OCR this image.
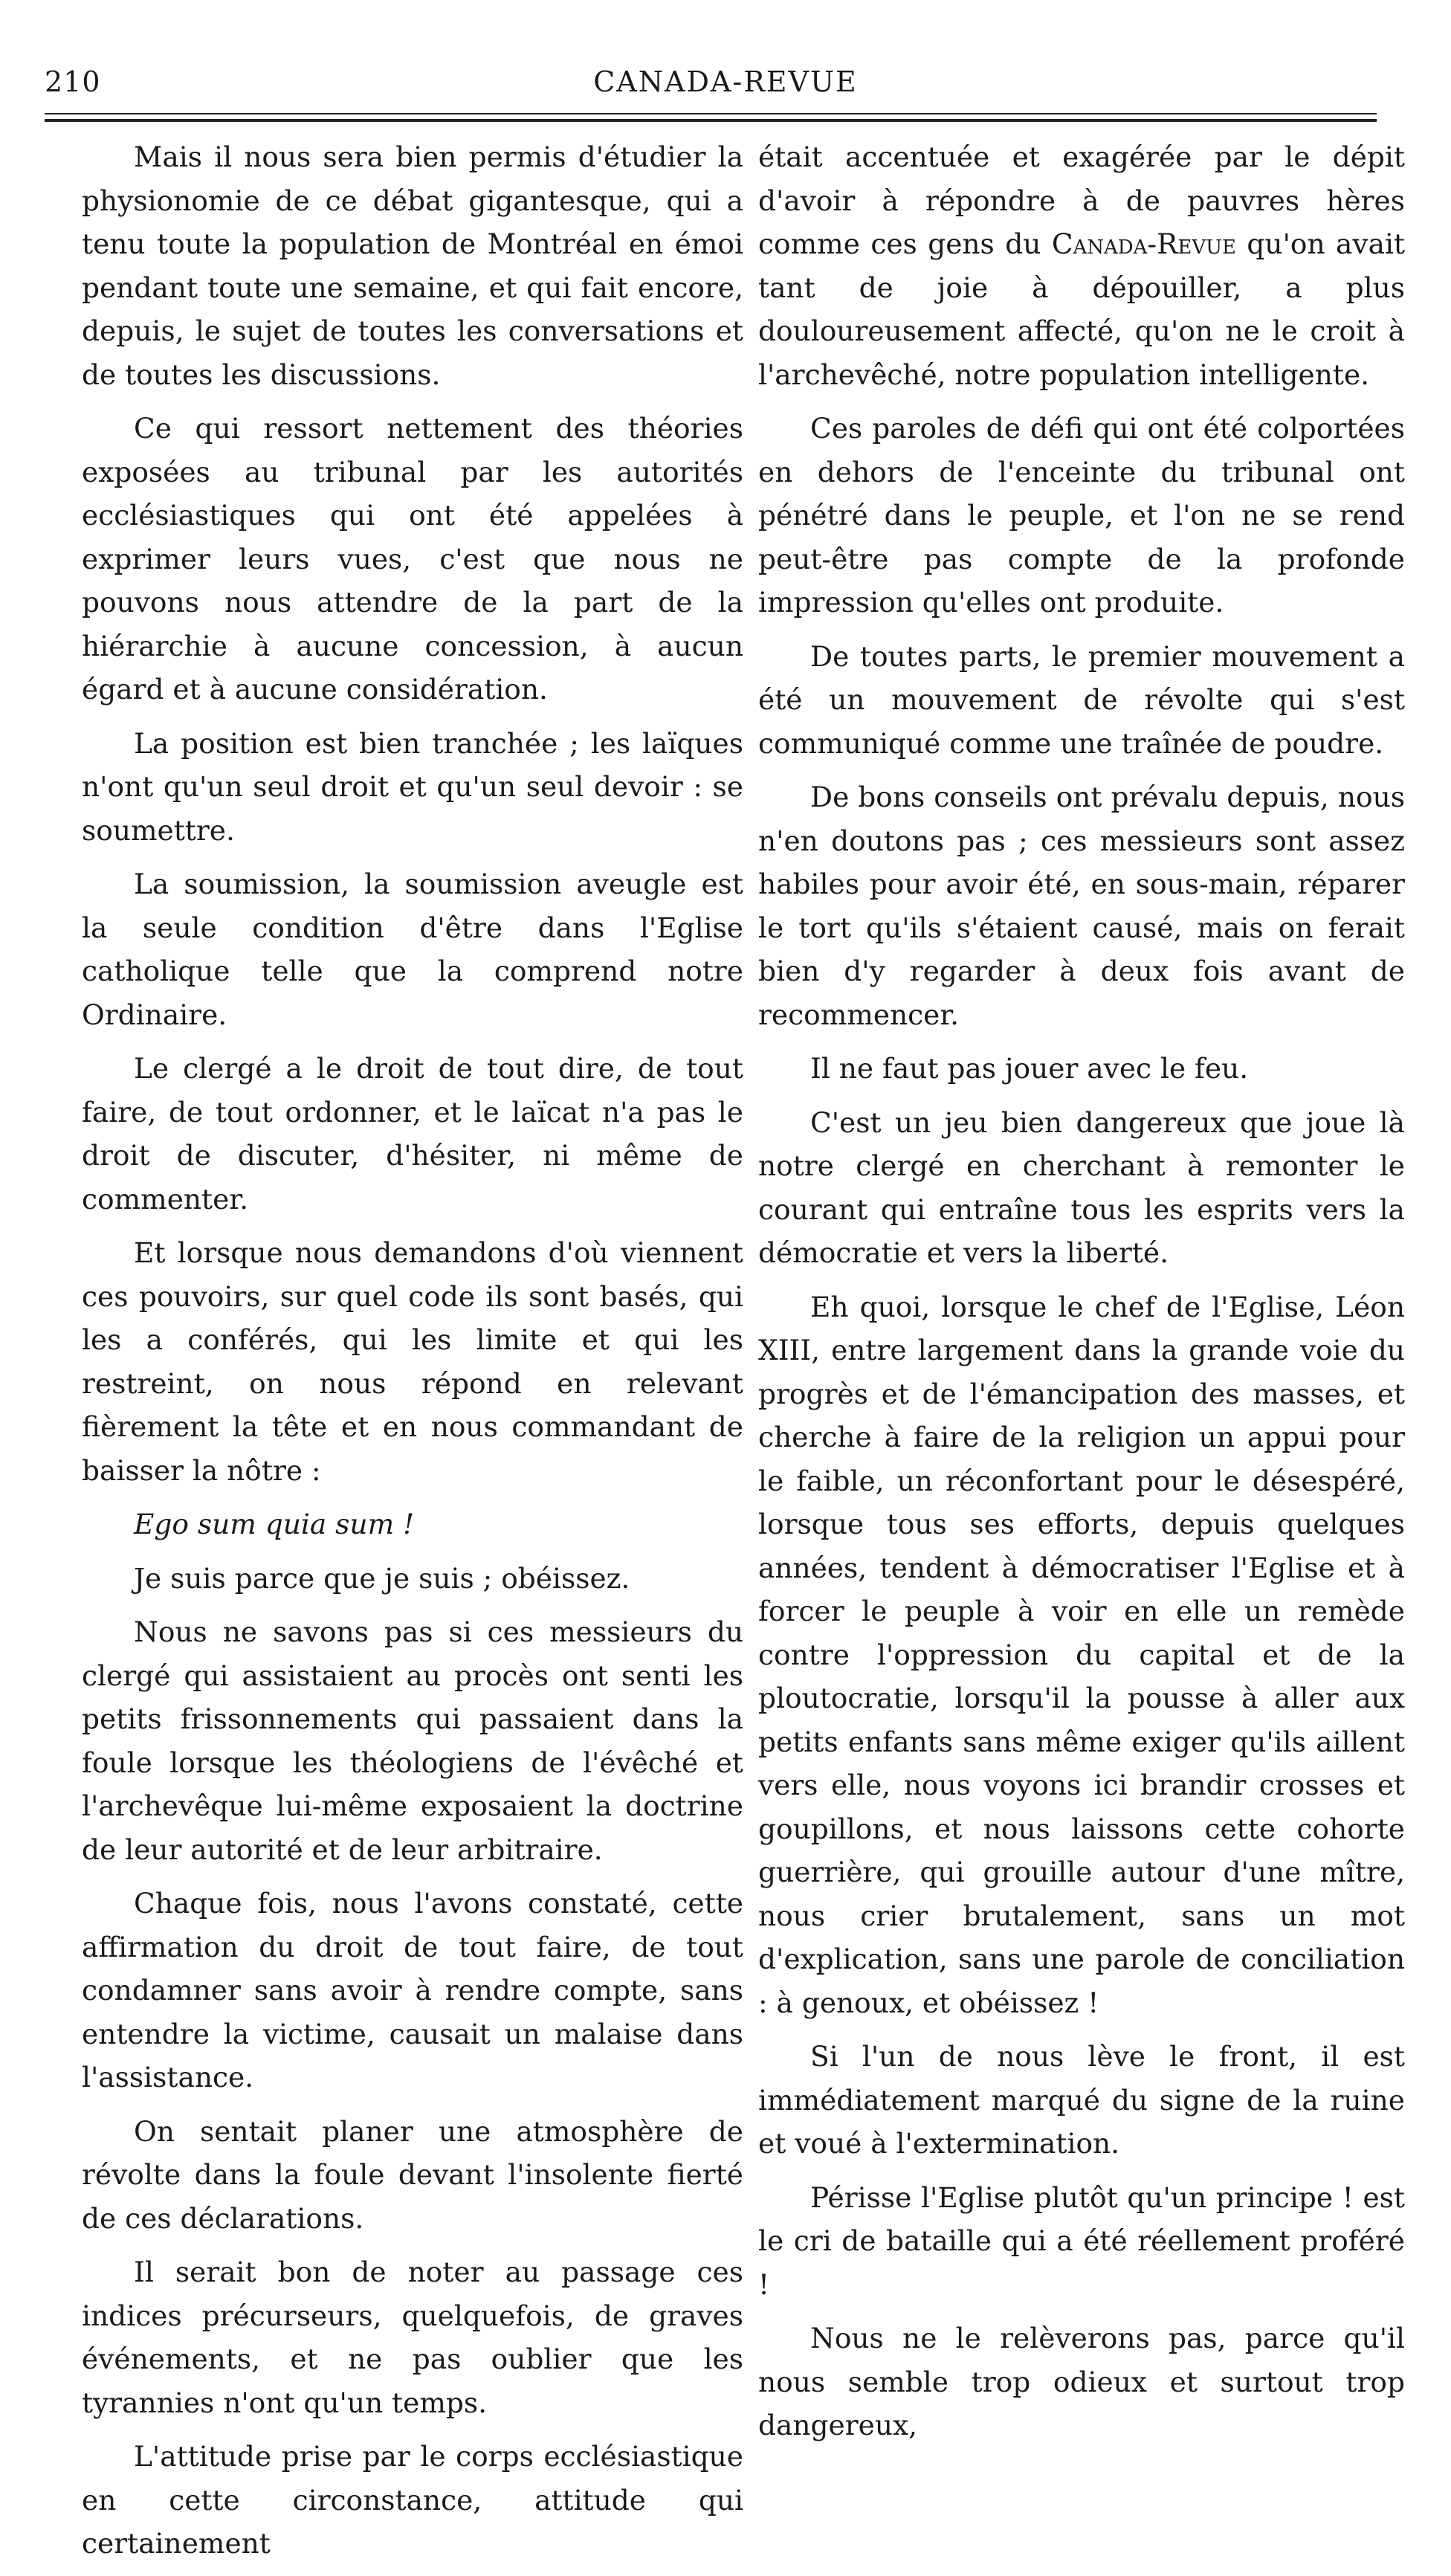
210	CANADA-REVUE

Mais il nous sera bien permis d'étudier la physionomie de ce débat gigantesque, qui a tenu toute la population de Montréal en émoi pendant toute une semaine, et qui fait encore, depuis, le sujet de toutes les conversations et de toutes les discussions.

Ce qui ressort nettement des théories exposées au tribunal par les autorités ecclésiastiques qui ont été appelées à exprimer leurs vues, c'est que nous ne pouvons nous attendre de la part de la hiérarchie à aucune concession, à aucun égard et à aucune considération.

La position est bien tranchée ; les laïques n'ont qu'un seul droit et qu'un seul devoir : se soumettre.

La soumission, la soumission aveugle est la seule condition d'être dans l'Eglise catholique telle que la comprend notre Ordinaire.

Le clergé a le droit de tout dire, de tout faire, de tout ordonner, et le laïcat n'a pas le droit de discuter, d'hésiter, ni même de commenter.

Et lorsque nous demandons d'où viennent ces pouvoirs, sur quel code ils sont basés, qui les a conférés, qui les limite et qui les restreint, on nous répond en relevant fièrement la tête et en nous commandant de baisser la nôtre :

Ego sum quia sum !

Je suis parce que je suis ; obéissez.

Nous ne savons pas si ces messieurs du clergé qui assistaient au procès ont senti les petits frissonnements qui passaient dans la foule lorsque les théologiens de l'évêché et l'archevêque lui-même exposaient la doctrine de leur autorité et de leur arbitraire.

Chaque fois, nous l'avons constaté, cette affirmation du droit de tout faire, de tout condamner sans avoir à rendre compte, sans entendre la victime, causait un malaise dans l'assistance.

On sentait planer une atmosphère de révolte dans la foule devant l'insolente fierté de ces déclarations.

Il serait bon de noter au passage ces indices précurseurs, quelquefois, de graves événements, et ne pas oublier que les tyrannies n'ont qu'un temps.

L'attitude prise par le corps ecclésiastique en cette circonstance, attitude qui certainement

était accentuée et exagérée par le dépit d'avoir à répondre à de pauvres hères comme ces gens du Canada-Revue qu'on avait tant de joie à dépouiller, a plus douloureusement affecté, qu'on ne le croit à l'archevêché, notre population intelligente.

Ces paroles de défi qui ont été colportées en dehors de l'enceinte du tribunal ont pénétré dans le peuple, et l'on ne se rend peut-être pas compte de la profonde impression qu'elles ont produite.

De toutes parts, le premier mouvement a été un mouvement de révolte qui s'est communiqué comme une traînée de poudre.

De bons conseils ont prévalu depuis, nous n'en doutons pas ; ces messieurs sont assez habiles pour avoir été, en sous-main, réparer le tort qu'ils s'étaient causé, mais on ferait bien d'y regarder à deux fois avant de recommencer.

Il ne faut pas jouer avec le feu.

C'est un jeu bien dangereux que joue là notre clergé en cherchant à remonter le courant qui entraîne tous les esprits vers la démocratie et vers la liberté.

Eh quoi, lorsque le chef de l'Eglise, Léon XIII, entre largement dans la grande voie du progrès et de l'émancipation des masses, et cherche à faire de la religion un appui pour le faible, un réconfortant pour le désespéré, lorsque tous ses efforts, depuis quelques années, tendent à démocratiser l'Eglise et à forcer le peuple à voir en elle un remède contre l'oppression du capital et de la ploutocratie, lorsqu'il la pousse à aller aux petits enfants sans même exiger qu'ils aillent vers elle, nous voyons ici brandir crosses et goupillons, et nous laissons cette cohorte guerrière, qui grouille autour d'une mître, nous crier brutalement, sans un mot d'explication, sans une parole de conciliation : à genoux, et obéissez !

Si l'un de nous lève le front, il est immédiatement marqué du signe de la ruine et voué à l'extermination.

Périsse l'Eglise plutôt qu'un principe ! est le cri de bataille qui a été réellement proféré !

Nous ne le relèverons pas, parce qu'il nous semble trop odieux et surtout trop dangereux,
